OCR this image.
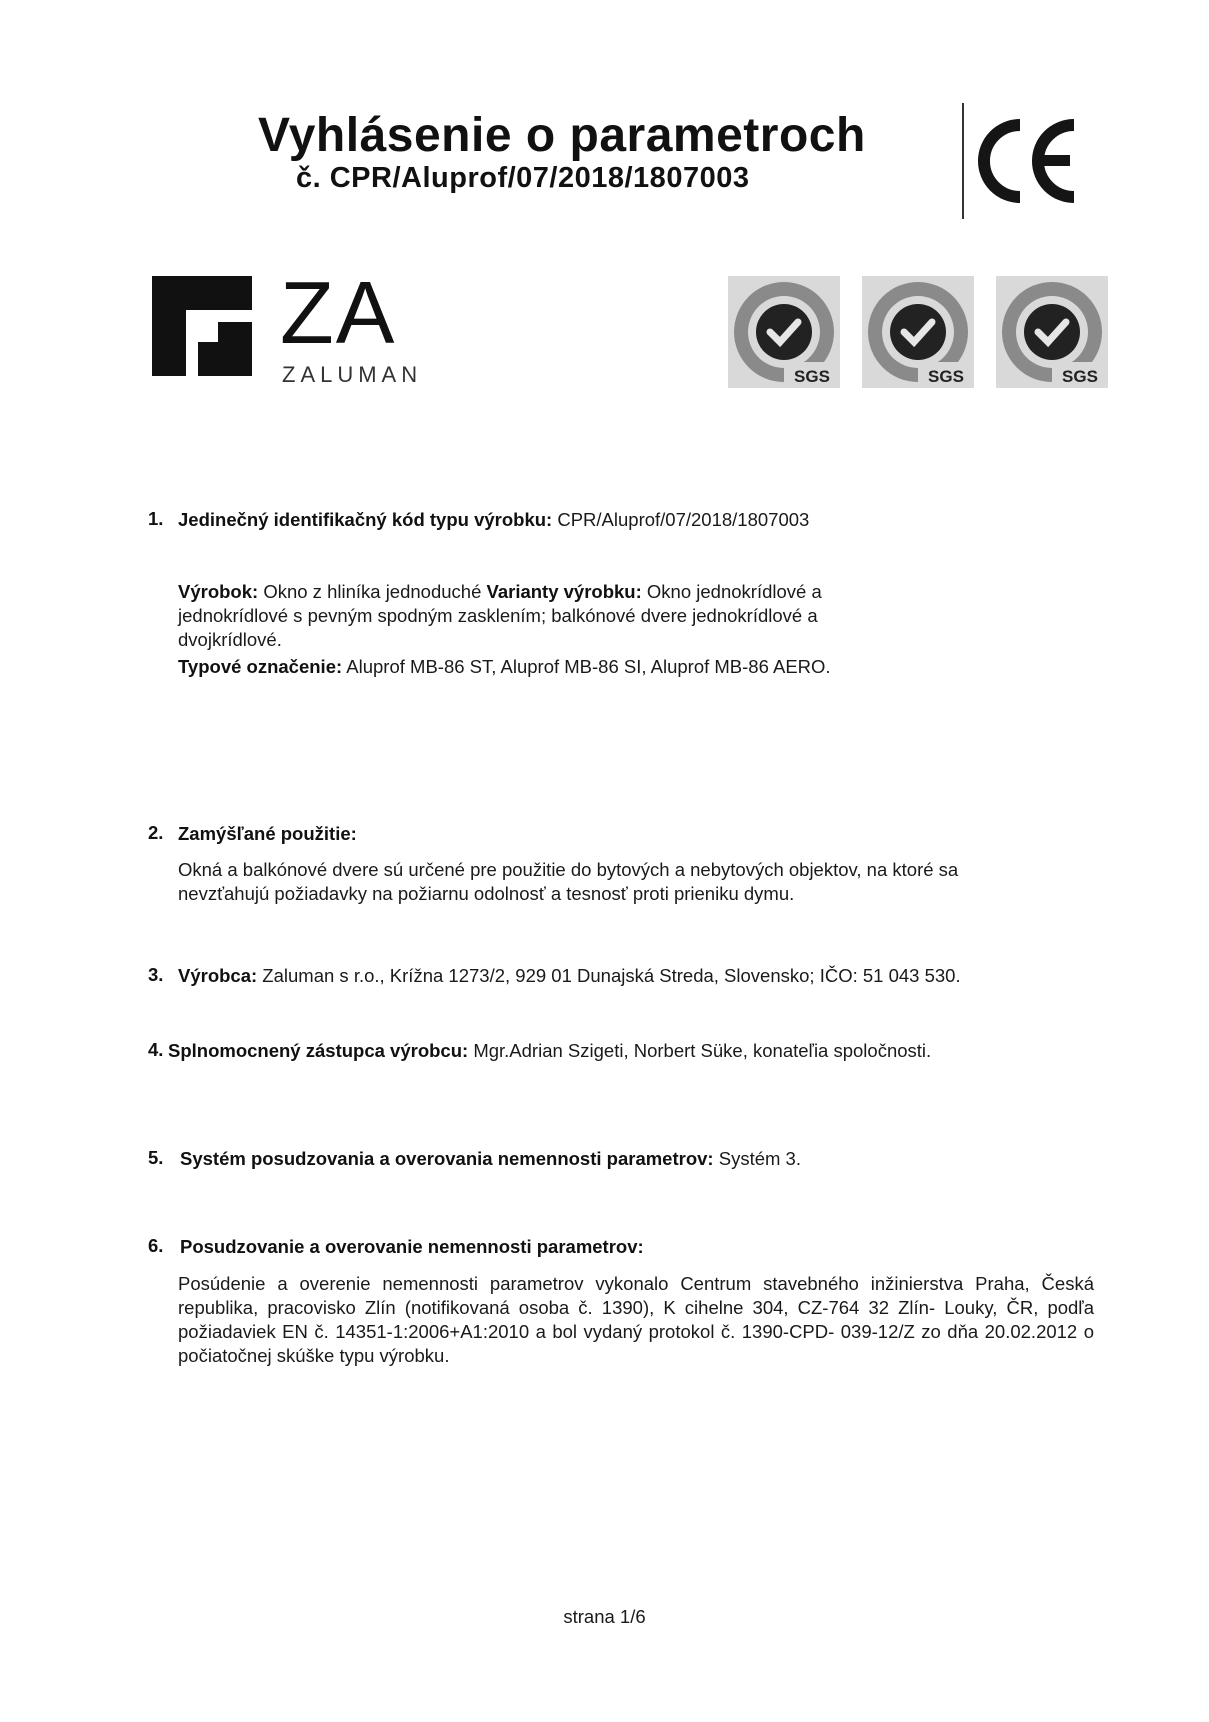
Vyhlásenie o parametroch
č. CPR/Aluprof/07/2018/1807003
ZA
ZALUMAN	SGS	SGS	SGS
1. Jedinečný identifikačný kód typu výrobku: CPR/Aluprof/07/2018/1807003

Výrobok: Okno z hliníka jednoduché Varianty výrobku: Okno jednokrídlové a jednokrídlové s pevným spodným zasklením; balkónové dvere jednokrídlové a dvojkrídlové.

Typové označenie: Aluprof MB-86 ST, Aluprof MB-86 SI, Aluprof MB-86 AERO.

2. Zamýšľané použitie:
Okná a balkónové dvere sú určené pre použitie do bytových a nebytových objektov, na ktoré sa nevzťahujú požiadavky na požiarnu odolnosť a tesnosť proti prieniku dymu.
3. Výrobca: Zaluman s r.o., Krížna 1273/2, 929 01 Dunajská Streda, Slovensko; IČO: 51 043 530.
4. Splnomocnený zástupca výrobcu: Mgr.Adrian Szigeti, Norbert Süke, konateľia spoločnosti.
5. Systém posudzovania a overovania nemennosti parametrov: Systém 3.
6. Posudzovanie a overovanie nemennosti parametrov:
Posúdenie a overenie nemennosti parametrov vykonalo Centrum stavebného inžinierstva Praha, Česká republika, pracovisko Zlín (notifikovaná osoba č. 1390), K cihelne 304, CZ-764 32 Zlín- Louky, ČR, podľa požiadaviek EN č. 14351-1:2006+A1:2010 a bol vydaný protokol č. 1390-CPD- 039-12/Z zo dňa 20.02.2012 o počiatočnej skúške typu výrobku.
strana 1/6
